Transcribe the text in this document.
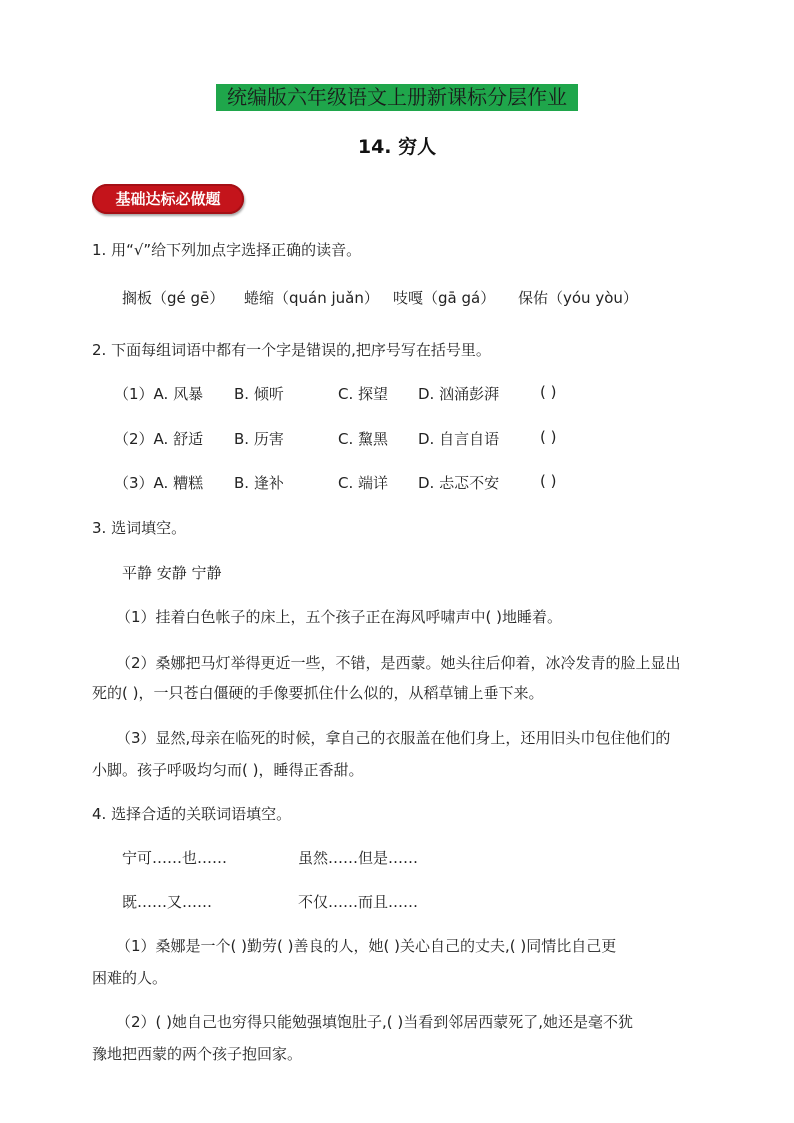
统编版六年级语文上册新课标分层作业
14. 穷人
基础达标必做题
1. 用“√”给下列加点字选择正确的读音。
搁板（gé gē） 蜷缩（quán juǎn） 吱嘎（gā gá） 保佑（yóu yòu）
2. 下面每组词语中都有一个字是错误的,把序号写在括号里。
（1）A. 风暴 B. 倾听	C. 探望 D. 汹涌彭湃	( )
（2）A. 舒适 B. 历害	C. 黧黑 D. 自言自语	( )
（3）A. 糟糕 B. 逢补	C. 端详 D. 忐忑不安	( )
3. 选词填空。
平静 安静 宁静
（1）挂着白色帐子的床上，五个孩子正在海风呼啸声中( )地睡着。
（2）桑娜把马灯举得更近一些，不错，是西蒙。她头往后仰着，冰冷发青的脸上显出
死的( )，一只苍白僵硬的手像要抓住什么似的，从稻草铺上垂下来。
（3）显然,母亲在临死的时候，拿自己的衣服盖在他们身上，还用旧头巾包住他们的
小脚。孩子呼吸均匀而( )，睡得正香甜。
4. 选择合适的关联词语填空。
宁可……也……	虽然……但是……
既……又……	不仅……而且……
（1）桑娜是一个( )勤劳( )善良的人，她( )关心自己的丈夫,( )同情比自己更
困难的人。
（2）( )她自己也穷得只能勉强填饱肚子,( )当看到邻居西蒙死了,她还是毫不犹
豫地把西蒙的两个孩子抱回家。
